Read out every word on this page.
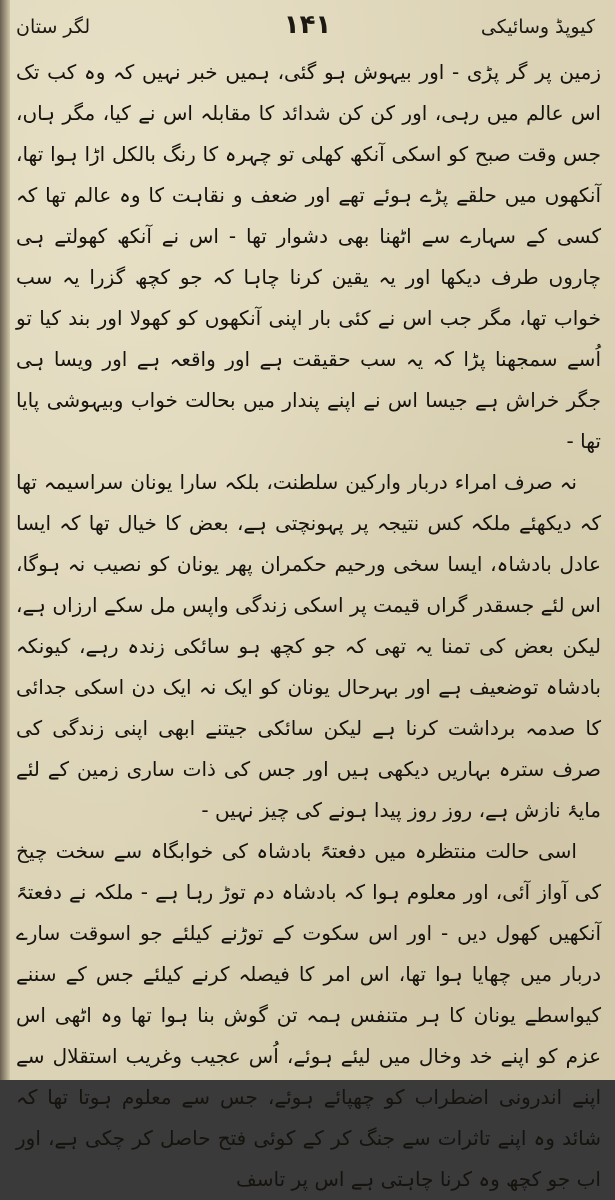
لگر ستان	۱۴۱	کیوپڈ وسائیکی

زمین پر گر پڑی - اور بیہوش ہو گئی، ہمیں خبر نہیں کہ وہ کب تک اس عالم میں رہی، اور کن کن شدائد کا مقابلہ اس نے کیا، مگر ہاں، جس وقت صبح کو اسکی آنکھ کھلی تو چہرہ کا رنگ بالکل اڑا ہوا تھا، آنکھوں میں حلقے پڑے ہوئے تھے اور ضعف و نقاہت کا وہ عالم تھا کہ کسی کے سہارے سے اٹھنا بھی دشوار تھا - اس نے آنکھ کھولتے ہی چاروں طرف دیکھا اور یہ یقین کرنا چاہا کہ جو کچھ گزرا یہ سب خواب تھا، مگر جب اس نے کئی بار اپنی آنکھوں کو کھولا اور بند کیا تو اُسے سمجھنا پڑا کہ یہ سب حقیقت ہے اور واقعہ ہے اور ویسا ہی جگر خراش ہے جیسا اس نے اپنے پندار میں بحالت خواب وبیہوشی پایا تھا -

نہ صرف امراء دربار وارکین سلطنت، بلکہ سارا یونان سراسیمہ تھا کہ دیکھئے ملکہ کس نتیجہ پر پہونچتی ہے، بعض کا خیال تھا کہ ایسا عادل بادشاہ، ایسا سخی ورحیم حکمران پھر یونان کو نصیب نہ ہوگا، اس لئے جسقدر گراں قیمت پر اسکی زندگی واپس مل سکے ارزاں ہے، لیکن بعض کی تمنا یہ تھی کہ جو کچھ ہو سائکی زندہ رہے، کیونکہ بادشاہ توضعیف ہے اور بہرحال یونان کو ایک نہ ایک دن اسکی جدائی کا صدمہ برداشت کرنا ہے لیکن سائکی جیتنے ابھی اپنی زندگی کی صرف سترہ بہاریں دیکھی ہیں اور جس کی ذات ساری زمین کے لئے مایۂ نازش ہے، روز روز پیدا ہونے کی چیز نہیں -

اسی حالت منتظرہ میں دفعتہً بادشاہ کی خوابگاہ سے سخت چیخ کی آواز آئی، اور معلوم ہوا کہ بادشاہ دم توڑ رہا ہے - ملکہ نے دفعتہً آنکھیں کھول دیں - اور اس سکوت کے توڑنے کیلئے جو اسوقت سارے دربار میں چھایا ہوا تھا، اس امر کا فیصلہ کرنے کیلئے جس کے سننے کیواسطے یونان کا ہر متنفس ہمہ تن گوش بنا ہوا تھا وہ اٹھی اس عزم کو اپنے خد وخال میں لیئے ہوئے، اُس عجیب وغریب استقلال سے اپنے اندرونی اضطراب کو چھپائے ہوئے، جس سے معلوم ہوتا تھا کہ شائد وہ اپنے تاثرات سے جنگ کر کے کوئی فتح حاصل کر چکی ہے، اور اب جو کچھ وہ کرنا چاہتی ہے اس پر تاسف
